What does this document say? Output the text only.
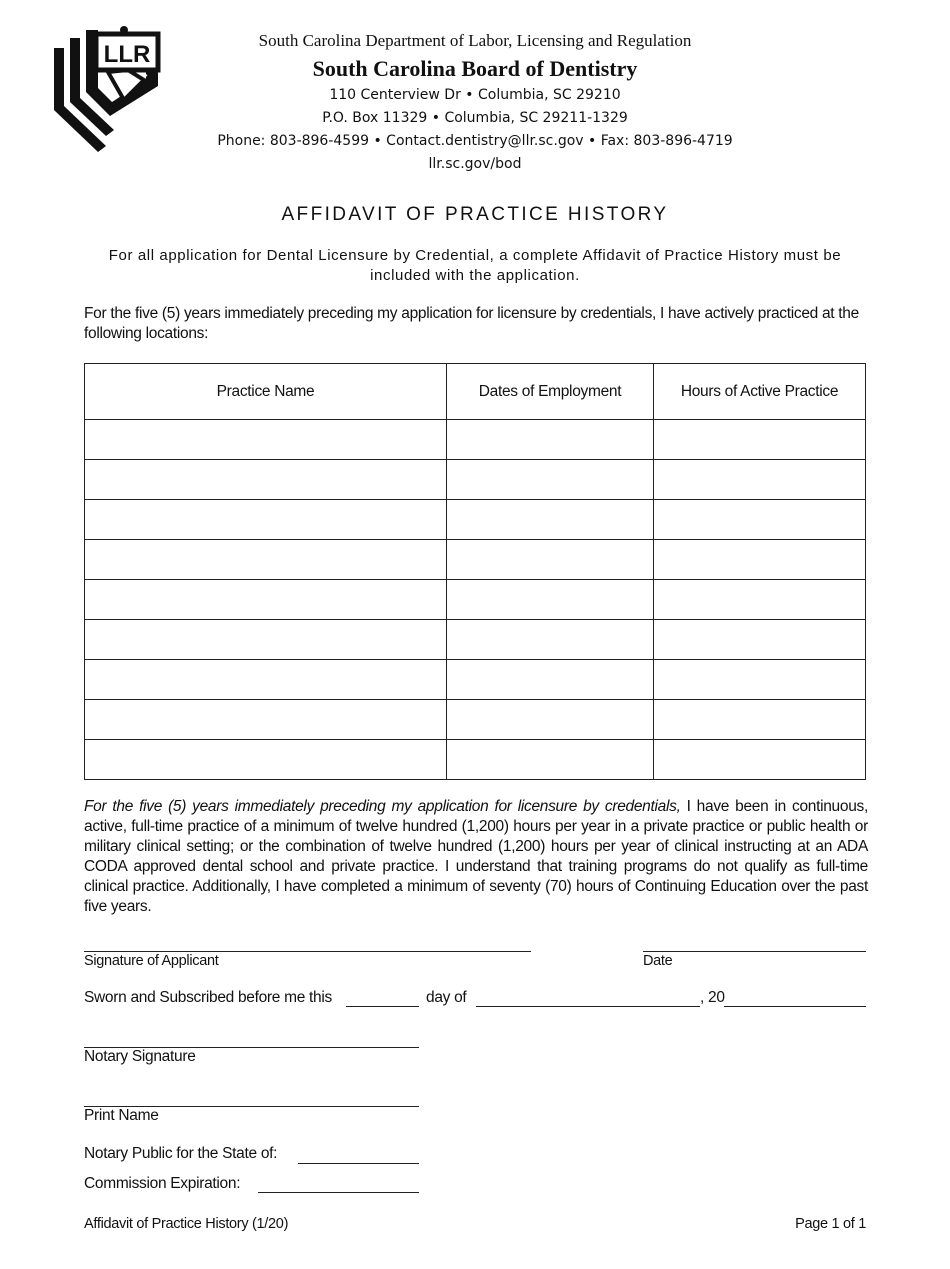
LLR
South Carolina Department of Labor, Licensing and Regulation
South Carolina Board of Dentistry
110 Centerview Dr • Columbia, SC 29210
P.O. Box 11329 • Columbia, SC 29211-1329
Phone: 803-896-4599 • Contact.dentistry@llr.sc.gov • Fax: 803-896-4719
llr.sc.gov/bod
AFFIDAVIT OF PRACTICE HISTORY
For all application for Dental Licensure by Credential, a complete Affidavit of Practice History must be included with the application.
For the five (5) years immediately preceding my application for licensure by credentials, I have actively practiced at the following locations:
Practice Name	Dates of Employment	Hours of Active Practice

For the five (5) years immediately preceding my application for licensure by credentials, I have been in continuous, active, full-time practice of a minimum of twelve hundred (1,200) hours per year in a private practice or public health or military clinical setting; or the combination of twelve hundred (1,200) hours per year of clinical instructing at an ADA CODA approved dental school and private practice. I understand that training programs do not qualify as full-time clinical practice. Additionally, I have completed a minimum of seventy (70) hours of Continuing Education over the past five years.
Signature of Applicant	Date
Sworn and Subscribed before me this	day of	, 20
Notary Signature
Print Name
Notary Public for the State of:
Commission Expiration:
Affidavit of Practice History (1/20)	Page 1 of 1
